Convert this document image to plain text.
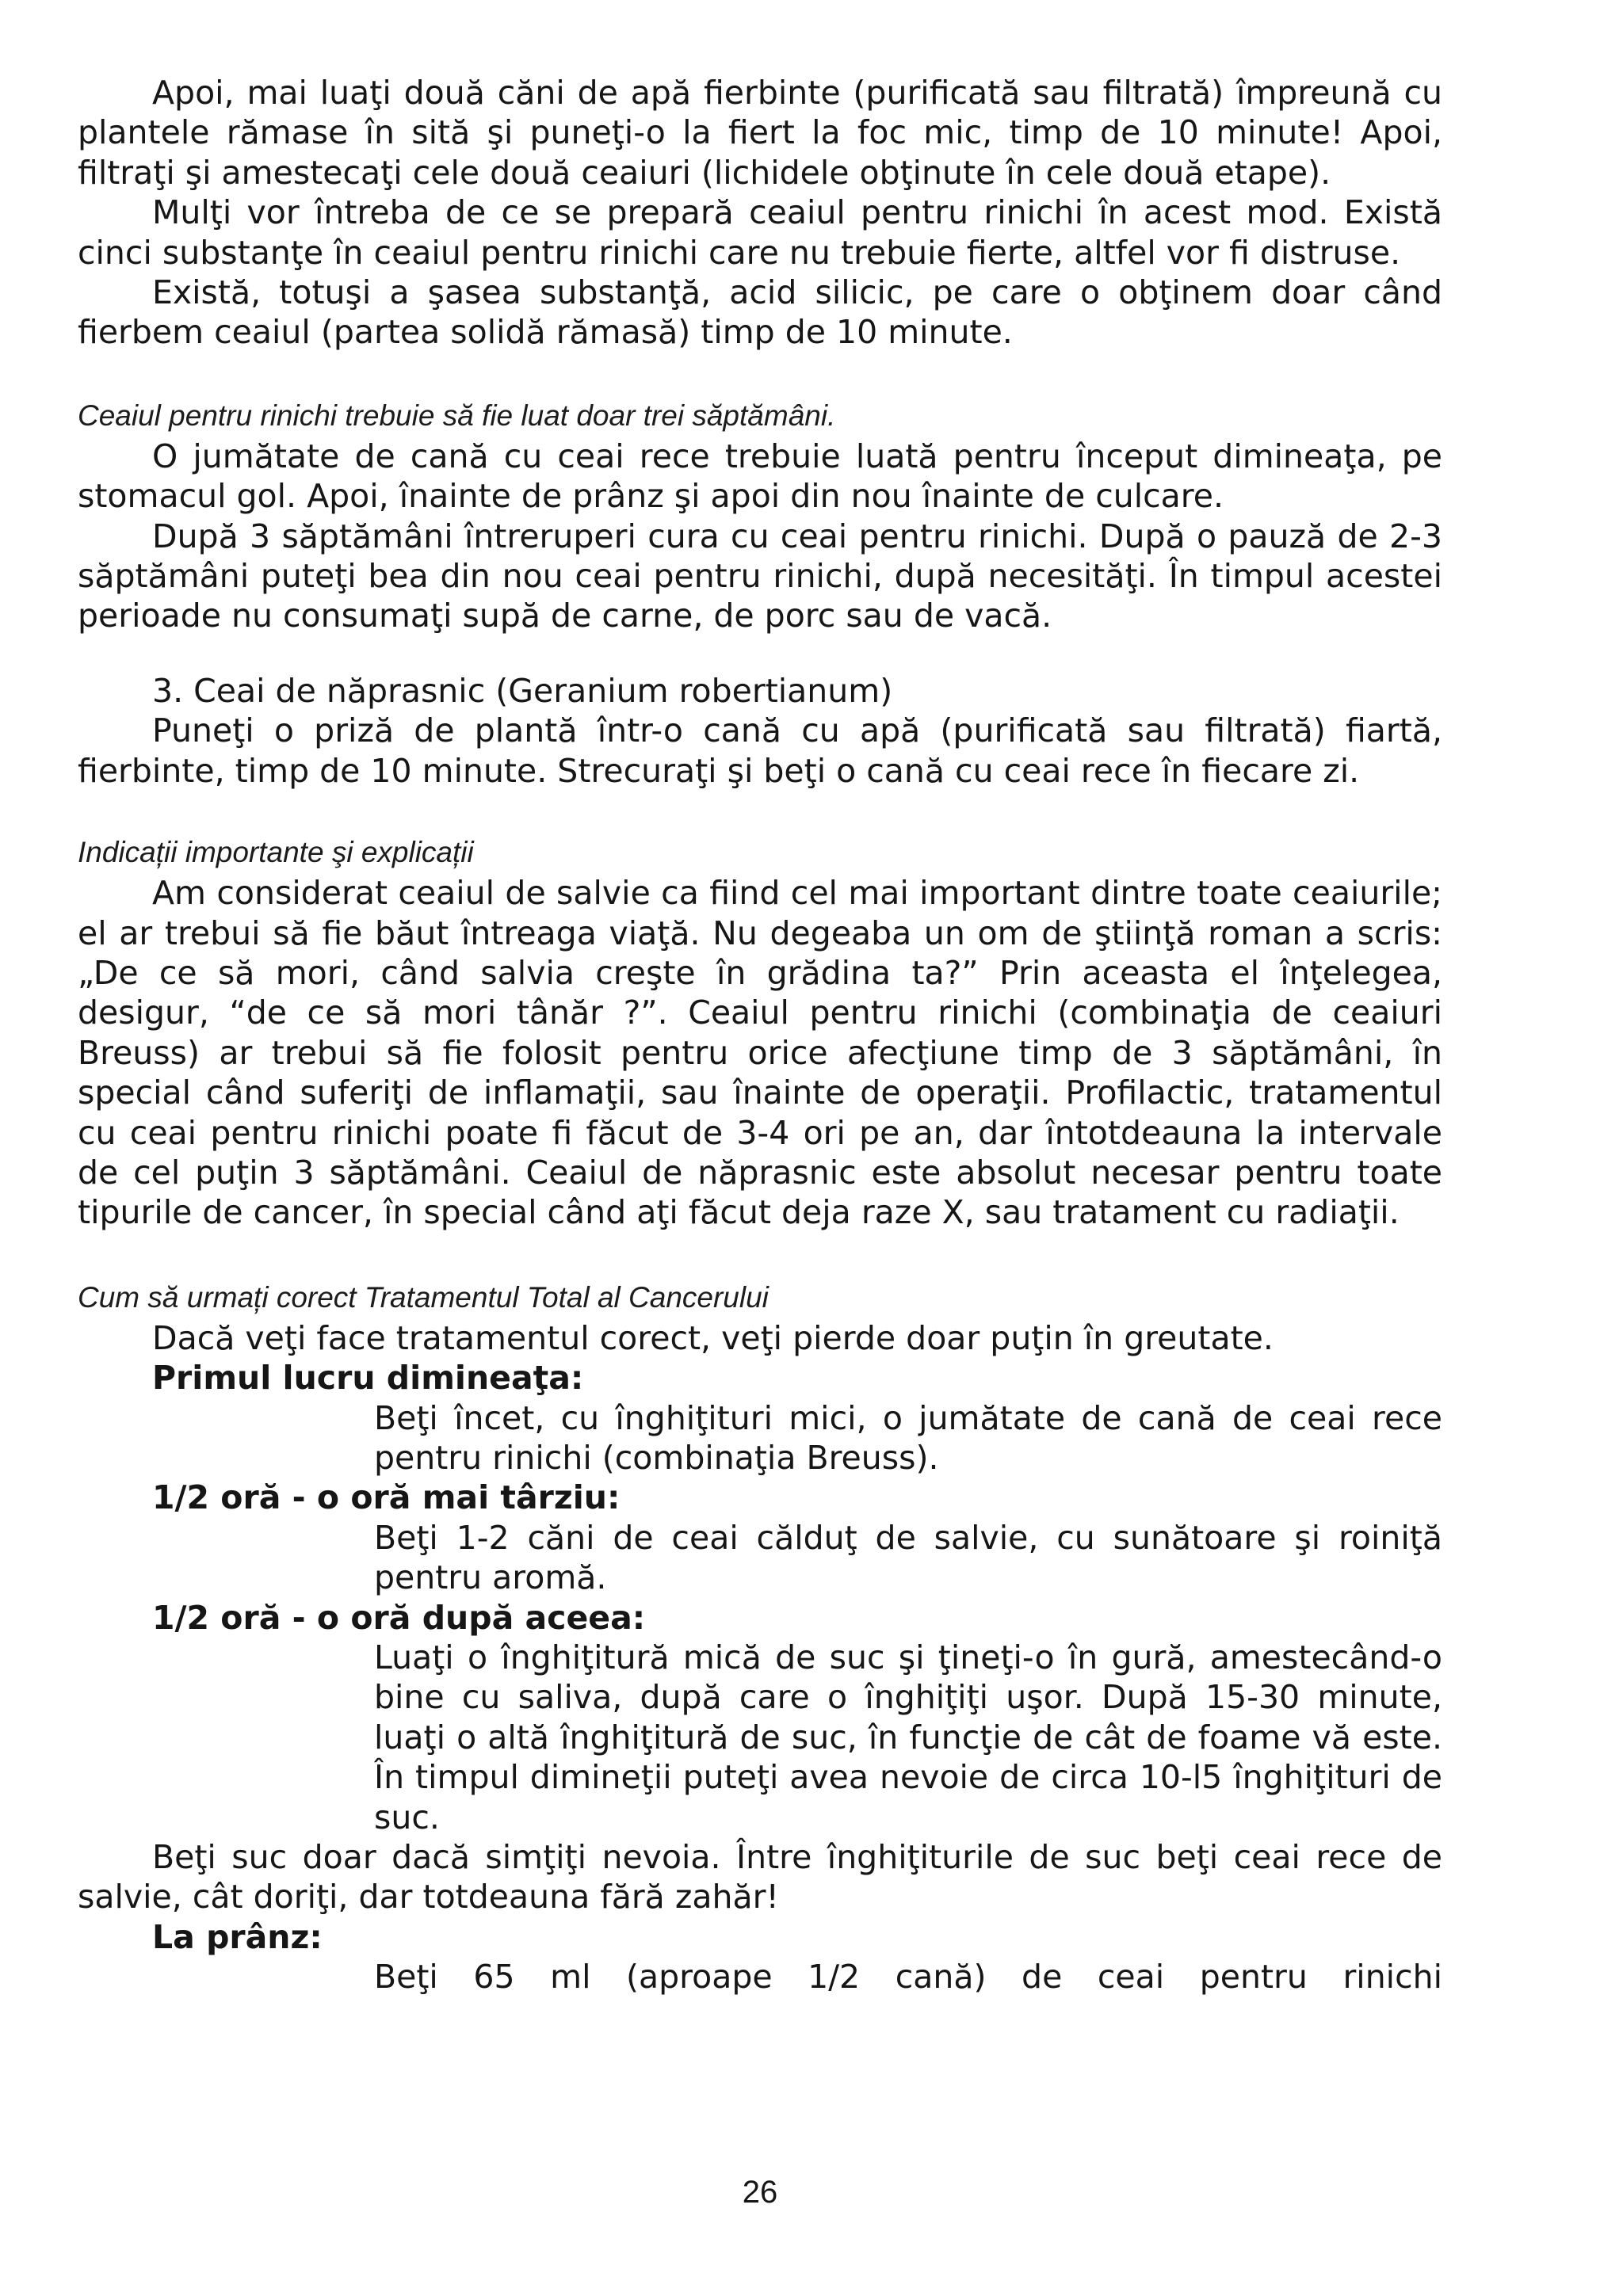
Apoi, mai luaţi două căni de apă fierbinte (purificată sau filtrată) împreună cu plantele rămase în sită şi puneţi-o la fiert la foc mic, timp de 10 minute! Apoi, filtraţi şi amestecaţi cele două ceaiuri (lichidele obţinute în cele două etape).

Mulţi vor întreba de ce se prepară ceaiul pentru rinichi în acest mod. Există cinci substanţe în ceaiul pentru rinichi care nu trebuie fierte, altfel vor fi distruse.

Există, totuşi a şasea substanţă, acid silicic, pe care o obţinem doar când fierbem ceaiul (partea solidă rămasă) timp de 10 minute.

Ceaiul pentru rinichi trebuie să fie luat doar trei săptămâni.

O jumătate de cană cu ceai rece trebuie luată pentru început dimineaţa, pe stomacul gol. Apoi, înainte de prânz şi apoi din nou înainte de culcare.

După 3 săptămâni întreruperi cura cu ceai pentru rinichi. După o pauză de 2-3 săptămâni puteţi bea din nou ceai pentru rinichi, după necesităţi. În timpul acestei perioade nu consumaţi supă de carne, de porc sau de vacă.

3. Ceai de năprasnic (Geranium robertianum)

Puneţi o priză de plantă într-o cană cu apă (purificată sau filtrată) fiartă, fierbinte, timp de 10 minute. Strecuraţi şi beţi o cană cu ceai rece în fiecare zi.

Indicații importante şi explicații

Am considerat ceaiul de salvie ca fiind cel mai important dintre toate ceaiurile; el ar trebui să fie băut întreaga viaţă. Nu degeaba un om de ştiinţă roman a scris: „De ce să mori, când salvia creşte în grădina ta?” Prin aceasta el înţelegea, desigur, “de ce să mori tânăr ?”. Ceaiul pentru rinichi (combinaţia de ceaiuri Breuss) ar trebui să fie folosit pentru orice afecţiune timp de 3 săptămâni, în special când suferiţi de inflamaţii, sau înainte de operaţii. Profilactic, tratamentul cu ceai pentru rinichi poate fi făcut de 3-4 ori pe an, dar întotdeauna la intervale de cel puţin 3 săptămâni. Ceaiul de năprasnic este absolut necesar pentru toate tipurile de cancer, în special când aţi făcut deja raze X, sau tratament cu radiaţii.

Cum să urmați corect Tratamentul Total al Cancerului

Dacă veţi face tratamentul corect, veţi pierde doar puţin în greutate.

Primul lucru dimineaţa:

Beţi încet, cu înghiţituri mici, o jumătate de cană de ceai rece pentru rinichi (combinaţia Breuss).

1/2 oră - o oră mai târziu:

Beţi 1-2 căni de ceai călduţ de salvie, cu sunătoare şi roiniţă pentru aromă.

1/2 oră - o oră după aceea:

Luaţi o înghiţitură mică de suc şi ţineţi-o în gură, amestecând-o bine cu saliva, după care o înghiţiţi uşor. După 15-30 minute, luaţi o altă înghiţitură de suc, în funcţie de cât de foame vă este. În timpul dimineţii puteţi avea nevoie de circa 10-l5 înghiţituri de suc.

Beţi suc doar dacă simţiţi nevoia. Între înghiţiturile de suc beţi ceai rece de salvie, cât doriţi, dar totdeauna fără zahăr!

La prânz:

Beţi 65 ml (aproape 1/2 cană) de ceai pentru rinichi

26
